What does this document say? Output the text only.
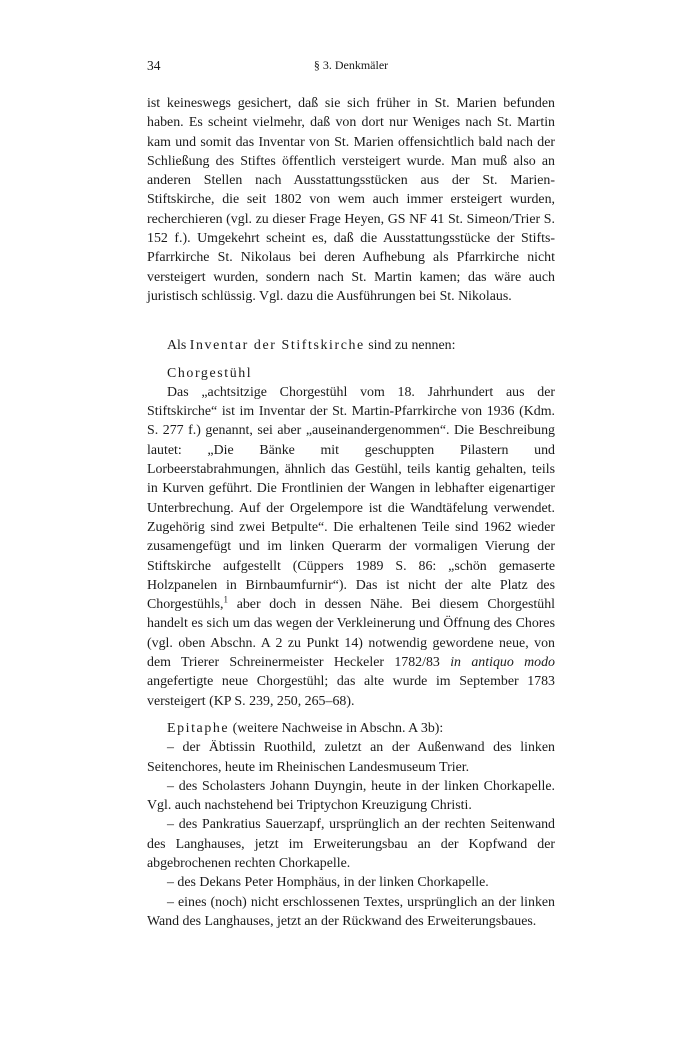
34	§ 3. Denkmäler

ist keineswegs gesichert, daß sie sich früher in St. Marien befunden haben. Es scheint vielmehr, daß von dort nur Weniges nach St. Martin kam und somit das Inventar von St. Marien offensichtlich bald nach der Schließung des Stiftes öffentlich versteigert wurde. Man muß also an anderen Stellen nach Ausstattungsstücken aus der St. Marien-Stiftskirche, die seit 1802 von wem auch immer ersteigert wurden, recherchieren (vgl. zu dieser Frage Heyen, GS NF 41 St. Simeon/Trier S. 152 f.). Umgekehrt scheint es, daß die Ausstattungsstücke der Stifts-Pfarrkirche St. Nikolaus bei deren Aufhebung als Pfarrkirche nicht versteigert wurden, sondern nach St. Martin kamen; das wäre auch juristisch schlüssig. Vgl. dazu die Ausführungen bei St. Nikolaus.

Als Inventar der Stiftskirche sind zu nennen:

Chorgestühl

Das „achtsitzige Chorgestühl vom 18. Jahrhundert aus der Stiftskirche“ ist im Inventar der St. Martin-Pfarrkirche von 1936 (Kdm. S. 277 f.) genannt, sei aber „auseinandergenommen“. Die Beschreibung lautet: „Die Bänke mit geschuppten Pilastern und Lorbeerstabrahmungen, ähnlich das Gestühl, teils kantig gehalten, teils in Kurven geführt. Die Frontlinien der Wangen in lebhafter eigenartiger Unterbrechung. Auf der Orgelempore ist die Wandtäfelung verwendet. Zugehörig sind zwei Betpulte“. Die erhaltenen Teile sind 1962 wieder zusamengefügt und im linken Querarm der vormaligen Vierung der Stiftskirche aufgestellt (Cüppers 1989 S. 86: „schön gemaserte Holzpanelen in Birnbaumfurnir“). Das ist nicht der alte Platz des Chorgestühls,$^1$ aber doch in dessen Nähe. Bei diesem Chorgestühl handelt es sich um das wegen der Verkleinerung und Öffnung des Chores (vgl. oben Abschn. A 2 zu Punkt 14) notwendig gewordene neue, von dem Trierer Schreinermeister Heckeler 1782/83 in antiquo modo angefertigte neue Chorgestühl; das alte wurde im September 1783 versteigert (KP S. 239, 250, 265–68).

Epitaphe (weitere Nachweise in Abschn. A 3b):

– der Äbtissin Ruothild, zuletzt an der Außenwand des linken Seitenchores, heute im Rheinischen Landesmuseum Trier.

– des Scholasters Johann Duyngin, heute in der linken Chorkapelle. Vgl. auch nachstehend bei Triptychon Kreuzigung Christi.

– des Pankratius Sauerzapf, ursprünglich an der rechten Seitenwand des Langhauses, jetzt im Erweiterungsbau an der Kopfwand der abgebrochenen rechten Chorkapelle.

– des Dekans Peter Homphäus, in der linken Chorkapelle.

– eines (noch) nicht erschlossenen Textes, ursprünglich an der linken Wand des Langhauses, jetzt an der Rückwand des Erweiterungsbaues.
